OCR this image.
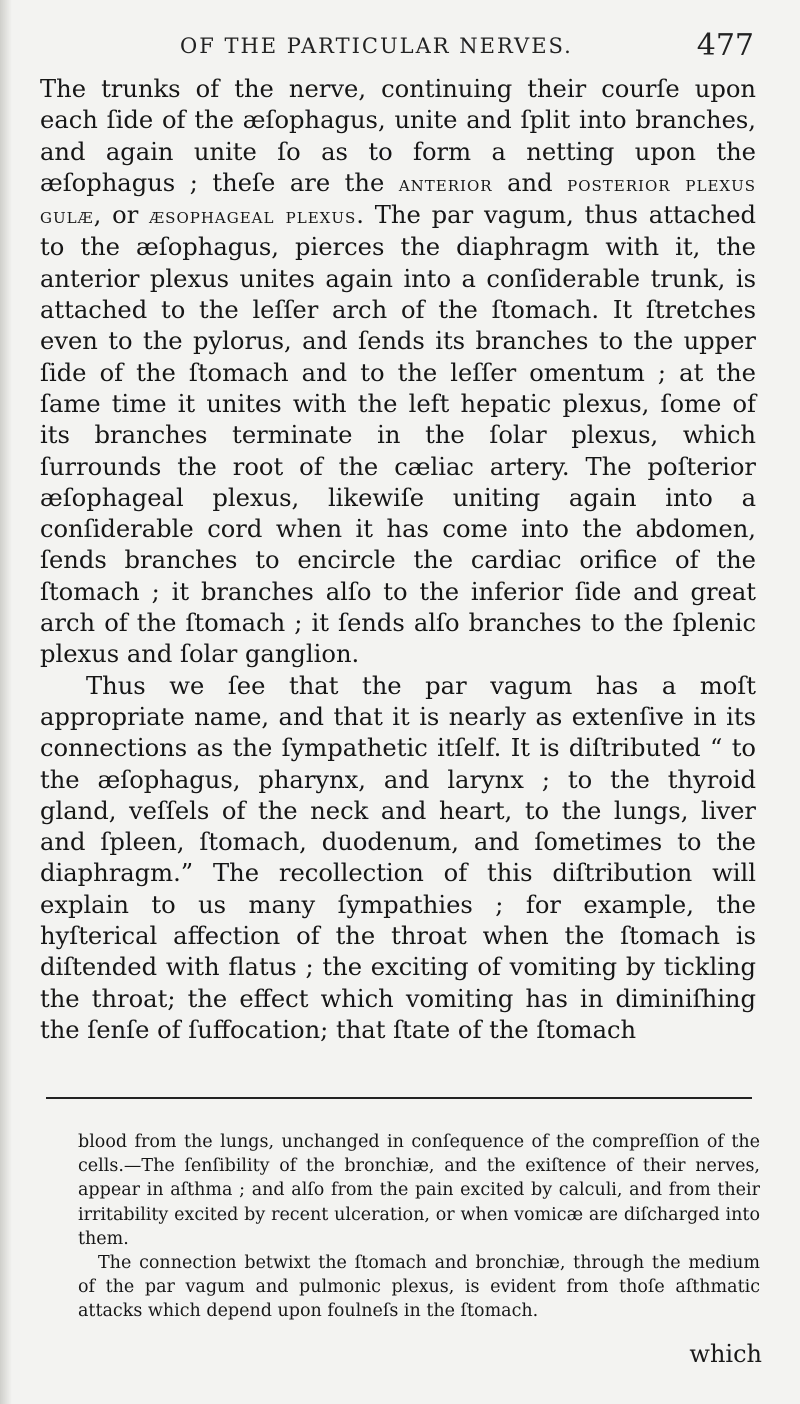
OF THE PARTICULAR NERVES.	477

The trunks of the nerve, continuing their courſe upon each ſide of the æſophagus, unite and ſplit into branches, and again unite ſo as to form a netting upon the æſophagus ; theſe are the anterior and posterior plexus gulæ, or æsophageal plexus. The par vagum, thus attached to the æſophagus, pierces the diaphragm with it, the anterior plexus unites again into a conſiderable trunk, is attached to the leſſer arch of the ſtomach. It ſtretches even to the pylorus, and ſends its branches to the upper ſide of the ſtomach and to the leſſer omentum ; at the ſame time it unites with the left hepatic plexus, ſome of its branches terminate in the ſolar plexus, which ſurrounds the root of the cæliac artery. The poſterior æſophageal plexus, likewiſe uniting again into a conſiderable cord when it has come into the abdomen, ſends branches to encircle the cardiac orifice of the ſtomach ; it branches alſo to the inferior ſide and great arch of the ſtomach ; it ſends alſo branches to the ſplenic plexus and ſolar ganglion.

Thus we ſee that the par vagum has a moſt appropriate name, and that it is nearly as extenſive in its connections as the ſympathetic itſelf. It is diſtributed “ to the æſophagus, pharynx, and larynx ; to the thyroid gland, veſſels of the neck and heart, to the lungs, liver and ſpleen, ſtomach, duodenum, and ſometimes to the diaphragm.” The recollection of this diſtribution will explain to us many ſympathies ; for example, the hyſterical affection of the throat when the ſtomach is diſtended with flatus ; the exciting of vomiting by tickling the throat; the effect which vomiting has in diminiſhing the ſenſe of ſuffocation; that ſtate of the ſtomach

blood from the lungs, unchanged in conſequence of the compreſſion of the cells.—The ſenſibility of the bronchiæ, and the exiſtence of their nerves, appear in aſthma ; and alſo from the pain excited by calculi, and from their irritability excited by recent ulceration, or when vomicæ are diſcharged into them.

The connection betwixt the ſtomach and bronchiæ, through the medium of the par vagum and pulmonic plexus, is evident from thoſe aſthmatic attacks which depend upon foulneſs in the ſtomach.

which
